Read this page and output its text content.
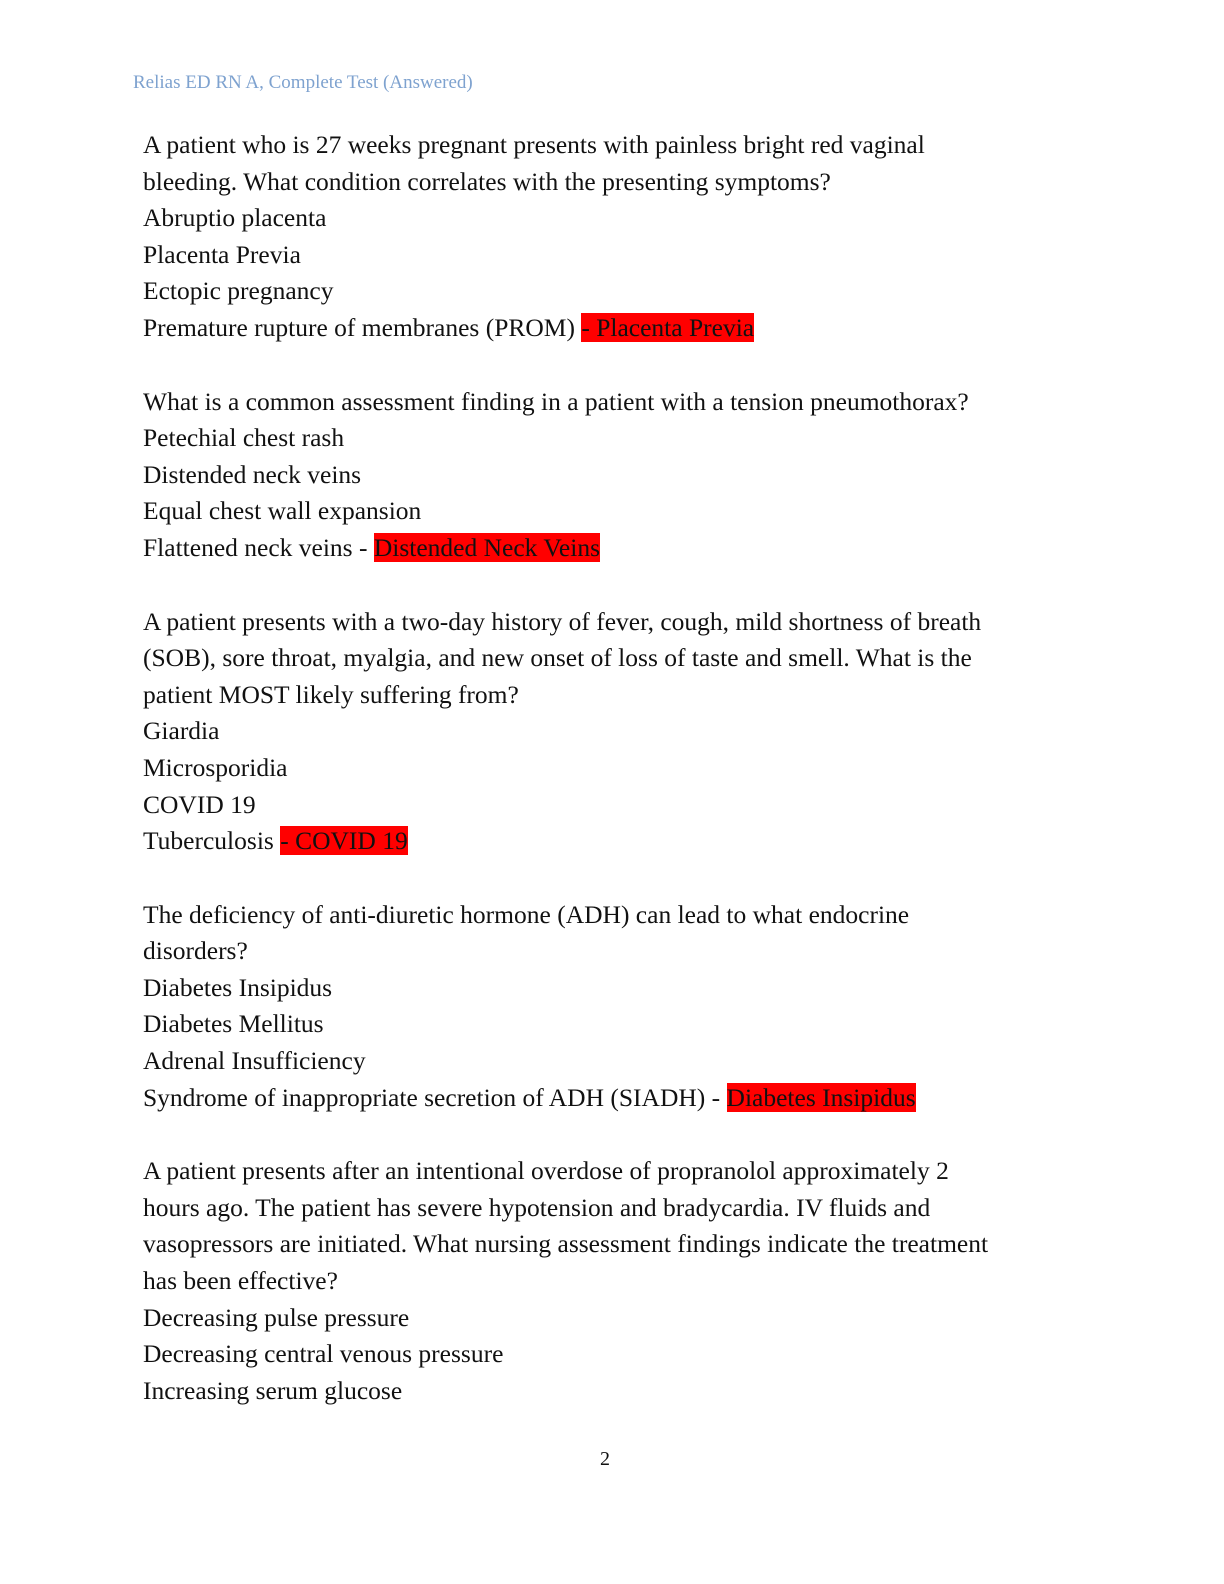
Relias ED RN A, Complete Test (Answered)
A patient who is 27 weeks pregnant presents with painless bright red vaginal
bleeding. What condition correlates with the presenting symptoms?
Abruptio placenta
Placenta Previa
Ectopic pregnancy
Premature rupture of membranes (PROM) - Placenta Previa
What is a common assessment finding in a patient with a tension pneumothorax?
Petechial chest rash
Distended neck veins
Equal chest wall expansion
Flattened neck veins - Distended Neck Veins
A patient presents with a two-day history of fever, cough, mild shortness of breath
(SOB), sore throat, myalgia, and new onset of loss of taste and smell. What is the
patient MOST likely suffering from?
Giardia
Microsporidia
COVID 19
Tuberculosis - COVID 19
The deficiency of anti-diuretic hormone (ADH) can lead to what endocrine
disorders?
Diabetes Insipidus
Diabetes Mellitus
Adrenal Insufficiency
Syndrome of inappropriate secretion of ADH (SIADH) - Diabetes Insipidus
A patient presents after an intentional overdose of propranolol approximately 2
hours ago. The patient has severe hypotension and bradycardia. IV fluids and
vasopressors are initiated. What nursing assessment findings indicate the treatment
has been effective?
Decreasing pulse pressure
Decreasing central venous pressure
Increasing serum glucose
2
